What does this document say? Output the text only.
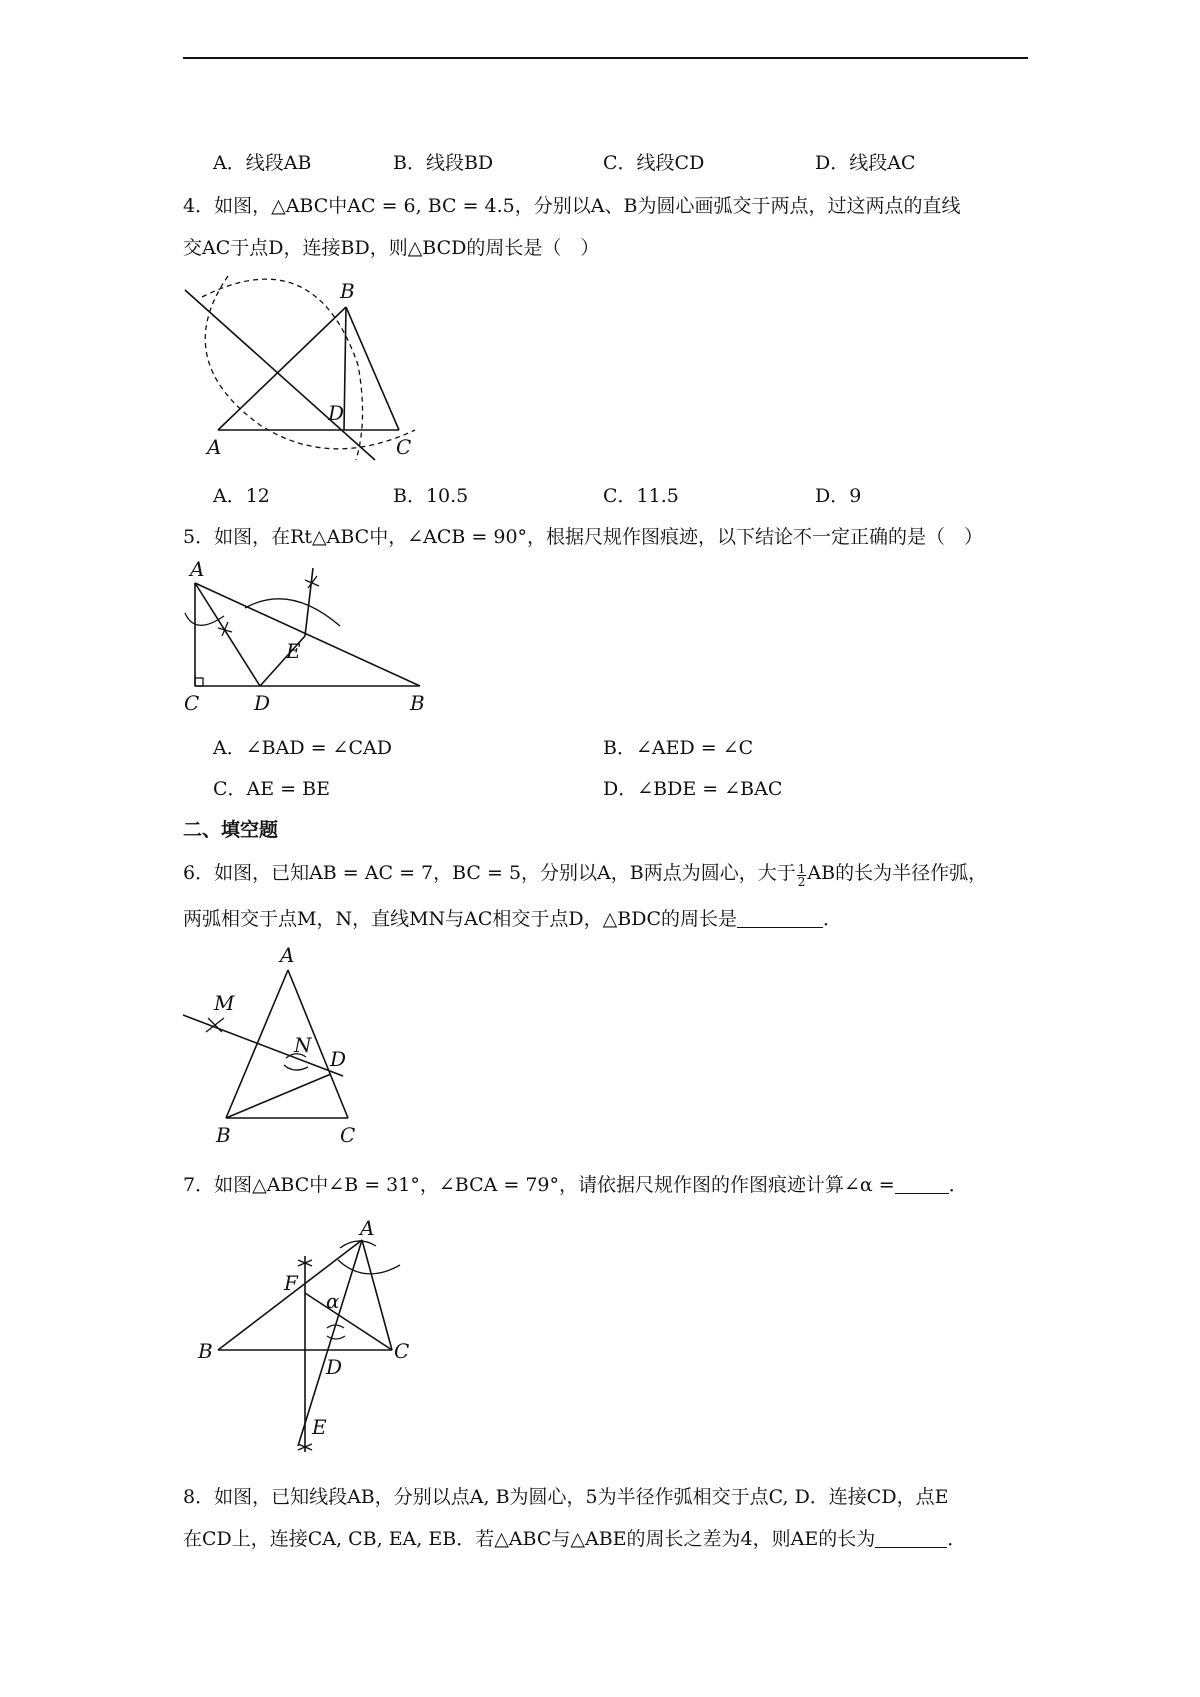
A．线段AB	B．线段BD	C．线段CD	D．线段AC
4．如图，△ABC中AC = 6, BC = 4.5，分别以A、B为圆心画弧交于两点，过这两点的直线
交AC于点D，连接BD，则△BCD的周长是（　）
B
A	C
D
A．12	B．10.5	C．11.5	D．9
5．如图，在Rt△ABC中，∠ACB = 90°，根据尺规作图痕迹，以下结论不一定正确的是（　）
A
C	D	B
E
A．∠BAD = ∠CAD	B．∠AED = ∠C
C．AE = BE	D．∠BDE = ∠BAC
二、填空题
6．如图，已知AB = AC = 7，BC = 5，分别以A，B两点为圆心，大于 $\frac{1}{2}$ AB的长为半径作弧，
两弧相交于点M，N，直线MN与AC相交于点D，△BDC的周长是	．
A
M
N
D
B	C
7．如图△ABC中∠B = 31°，∠BCA = 79°，请依据尺规作图的作图痕迹计算∠α =	．
A
F
α
B	C
D
E
8．如图，已知线段AB，分别以点A, B为圆心，5为半径作弧相交于点C, D．连接CD，点E
在CD上，连接CA, CB, EA, EB．若△ABC与△ABE的周长之差为4，则AE的长为	．
